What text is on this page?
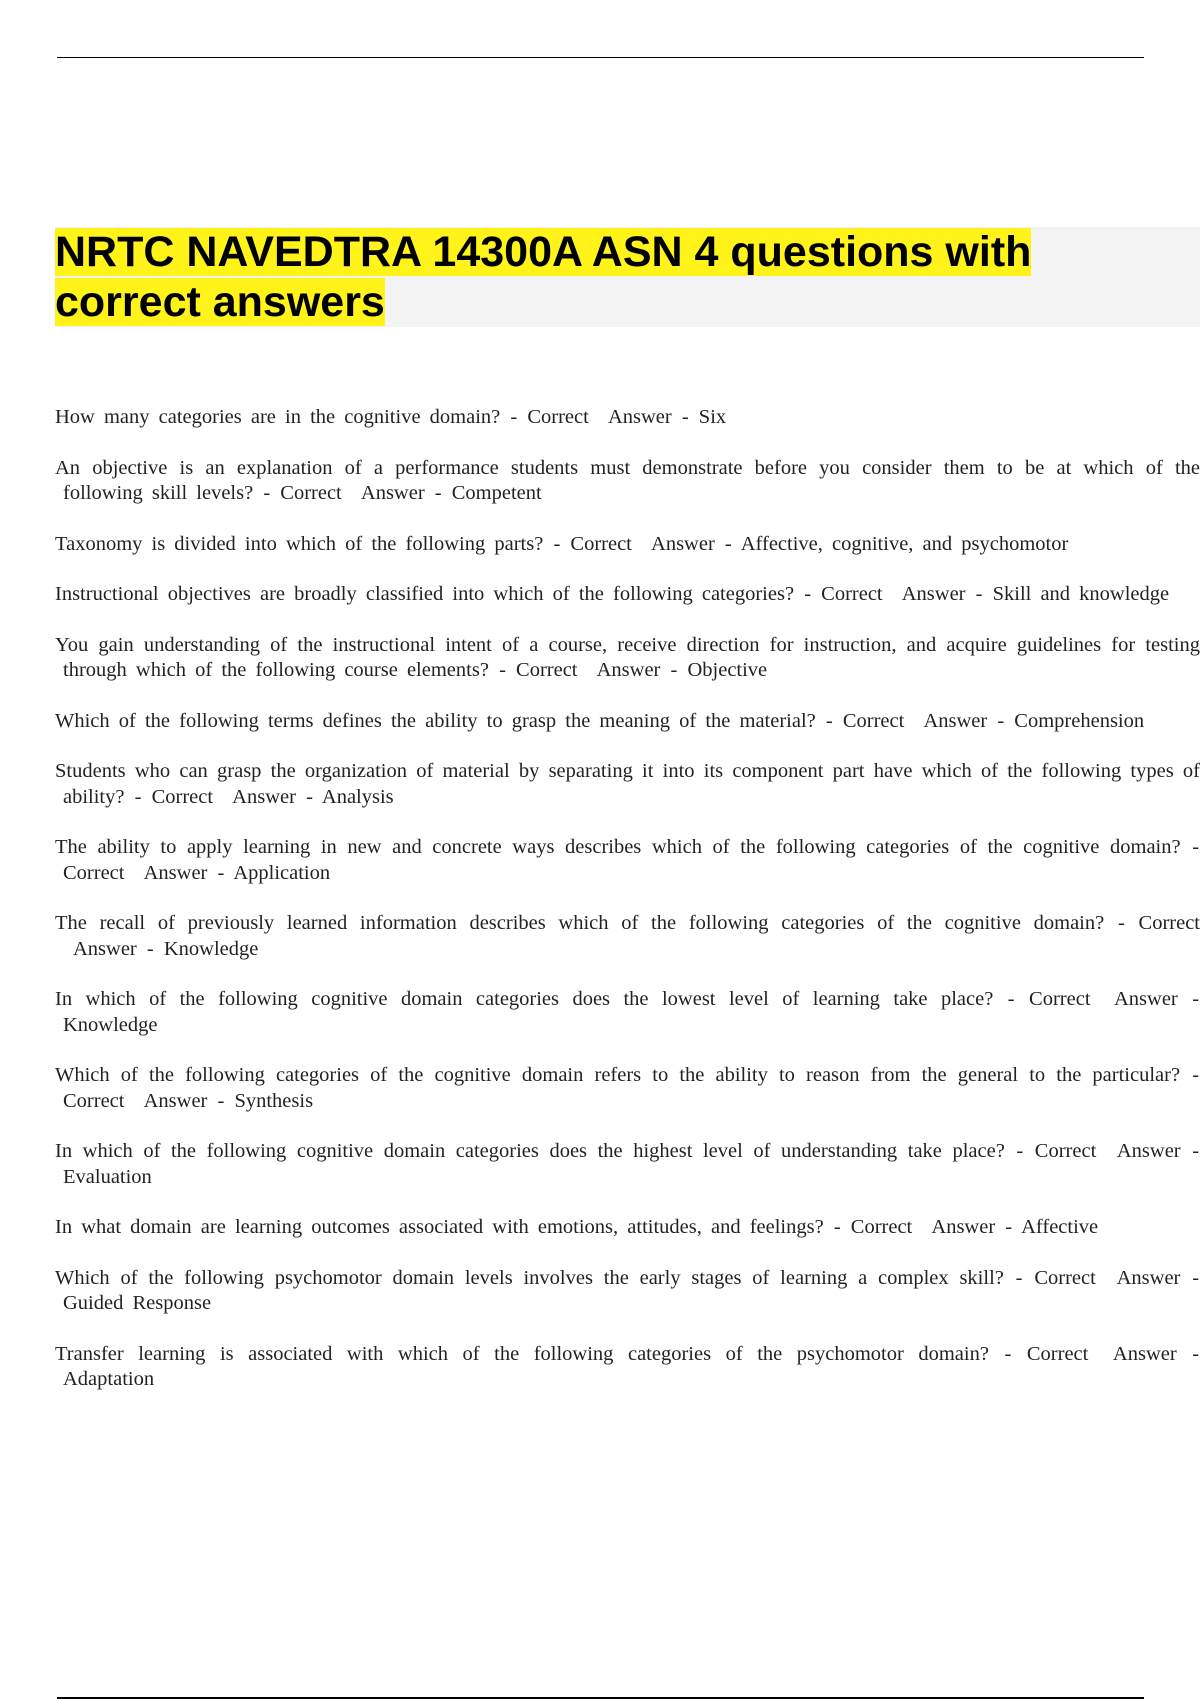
NRTC NAVEDTRA 14300A ASN 4 questions with correct answers
How many categories are in the cognitive domain? - Correct Answer - Six
An objective is an explanation of a performance students must demonstrate before you consider them to be at which of the following skill levels? - Correct Answer - Competent
Taxonomy is divided into which of the following parts? - Correct Answer - Affective, cognitive, and psychomotor
Instructional objectives are broadly classified into which of the following categories? - Correct Answer - Skill and knowledge
You gain understanding of the instructional intent of a course, receive direction for instruction, and acquire guidelines for testing through which of the following course elements? - Correct Answer - Objective
Which of the following terms defines the ability to grasp the meaning of the material? - Correct Answer - Comprehension
Students who can grasp the organization of material by separating it into its component part have which of the following types of ability? - Correct Answer - Analysis
The ability to apply learning in new and concrete ways describes which of the following categories of the cognitive domain? - Correct Answer - Application
The recall of previously learned information describes which of the following categories of the cognitive domain? - Correct Answer - Knowledge
In which of the following cognitive domain categories does the lowest level of learning take place? - Correct Answer - Knowledge
Which of the following categories of the cognitive domain refers to the ability to reason from the general to the particular? - Correct Answer - Synthesis
In which of the following cognitive domain categories does the highest level of understanding take place? - Correct Answer - Evaluation
In what domain are learning outcomes associated with emotions, attitudes, and feelings? - Correct Answer - Affective
Which of the following psychomotor domain levels involves the early stages of learning a complex skill? - Correct Answer - Guided Response
Transfer learning is associated with which of the following categories of the psychomotor domain? - Correct Answer - Adaptation
